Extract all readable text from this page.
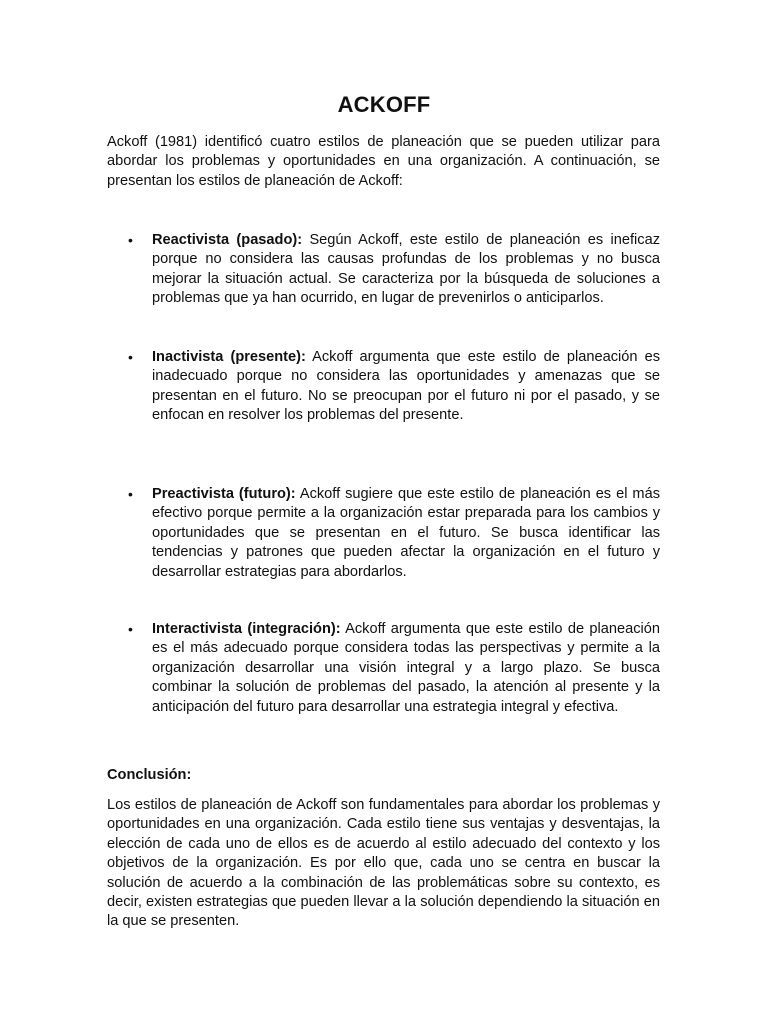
ACKOFF

Ackoff (1981) identificó cuatro estilos de planeación que se pueden utilizar para abordar los problemas y oportunidades en una organización. A continuación, se presentan los estilos de planeación de Ackoff:

•	Reactivista (pasado): Según Ackoff, este estilo de planeación es ineficaz porque no considera las causas profundas de los problemas y no busca mejorar la situación actual. Se caracteriza por la búsqueda de soluciones a problemas que ya han ocurrido, en lugar de prevenirlos o anticiparlos.

•	Inactivista (presente): Ackoff argumenta que este estilo de planeación es inadecuado porque no considera las oportunidades y amenazas que se presentan en el futuro. No se preocupan por el futuro ni por el pasado, y se enfocan en resolver los problemas del presente.

•	Preactivista (futuro): Ackoff sugiere que este estilo de planeación es el más efectivo porque permite a la organización estar preparada para los cambios y oportunidades que se presentan en el futuro. Se busca identificar las tendencias y patrones que pueden afectar la organización en el futuro y desarrollar estrategias para abordarlos.

•	Interactivista (integración): Ackoff argumenta que este estilo de planeación es el más adecuado porque considera todas las perspectivas y permite a la organización desarrollar una visión integral y a largo plazo. Se busca combinar la solución de problemas del pasado, la atención al presente y la anticipación del futuro para desarrollar una estrategia integral y efectiva.

Conclusión:

Los estilos de planeación de Ackoff son fundamentales para abordar los problemas y oportunidades en una organización. Cada estilo tiene sus ventajas y desventajas, la elección de cada uno de ellos es de acuerdo al estilo adecuado del contexto y los objetivos de la organización. Es por ello que, cada uno se centra en buscar la solución de acuerdo a la combinación de las problemáticas sobre su contexto, es decir, existen estrategias que pueden llevar a la solución dependiendo la situación en la que se presenten.
